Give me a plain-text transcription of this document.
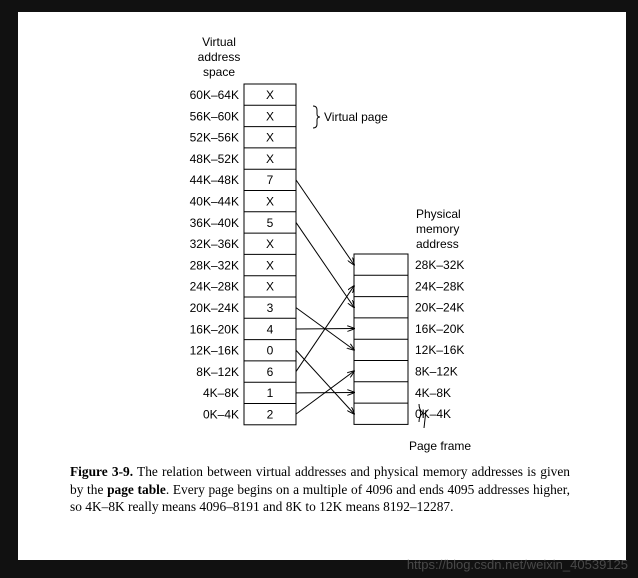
Virtual
address
space
Physical
memory
address
60K–64K X
56K–60K X
52K–56K X
48K–52K X
44K–48K 7
40K–44K X
36K–40K 5
32K–36K X
28K–32K X
24K–28K X
20K–24K 3
16K–20K 4
12K–16K 0
8K–12K 6
4K–8K 1
0K–4K 2
28K–32K
24K–28K
20K–24K
16K–20K
12K–16K
8K–12K
4K–8K
0K–4K
Virtual page
Page frame
Figure 3-9. The relation between virtual addresses and physical memory addresses is given by the page table. Every page begins on a multiple of 4096 and ends 4095 addresses higher, so 4K–8K really means 4096–8191 and 8K to 12K means 8192–12287.
https://blog.csdn.net/weixin_40539125
